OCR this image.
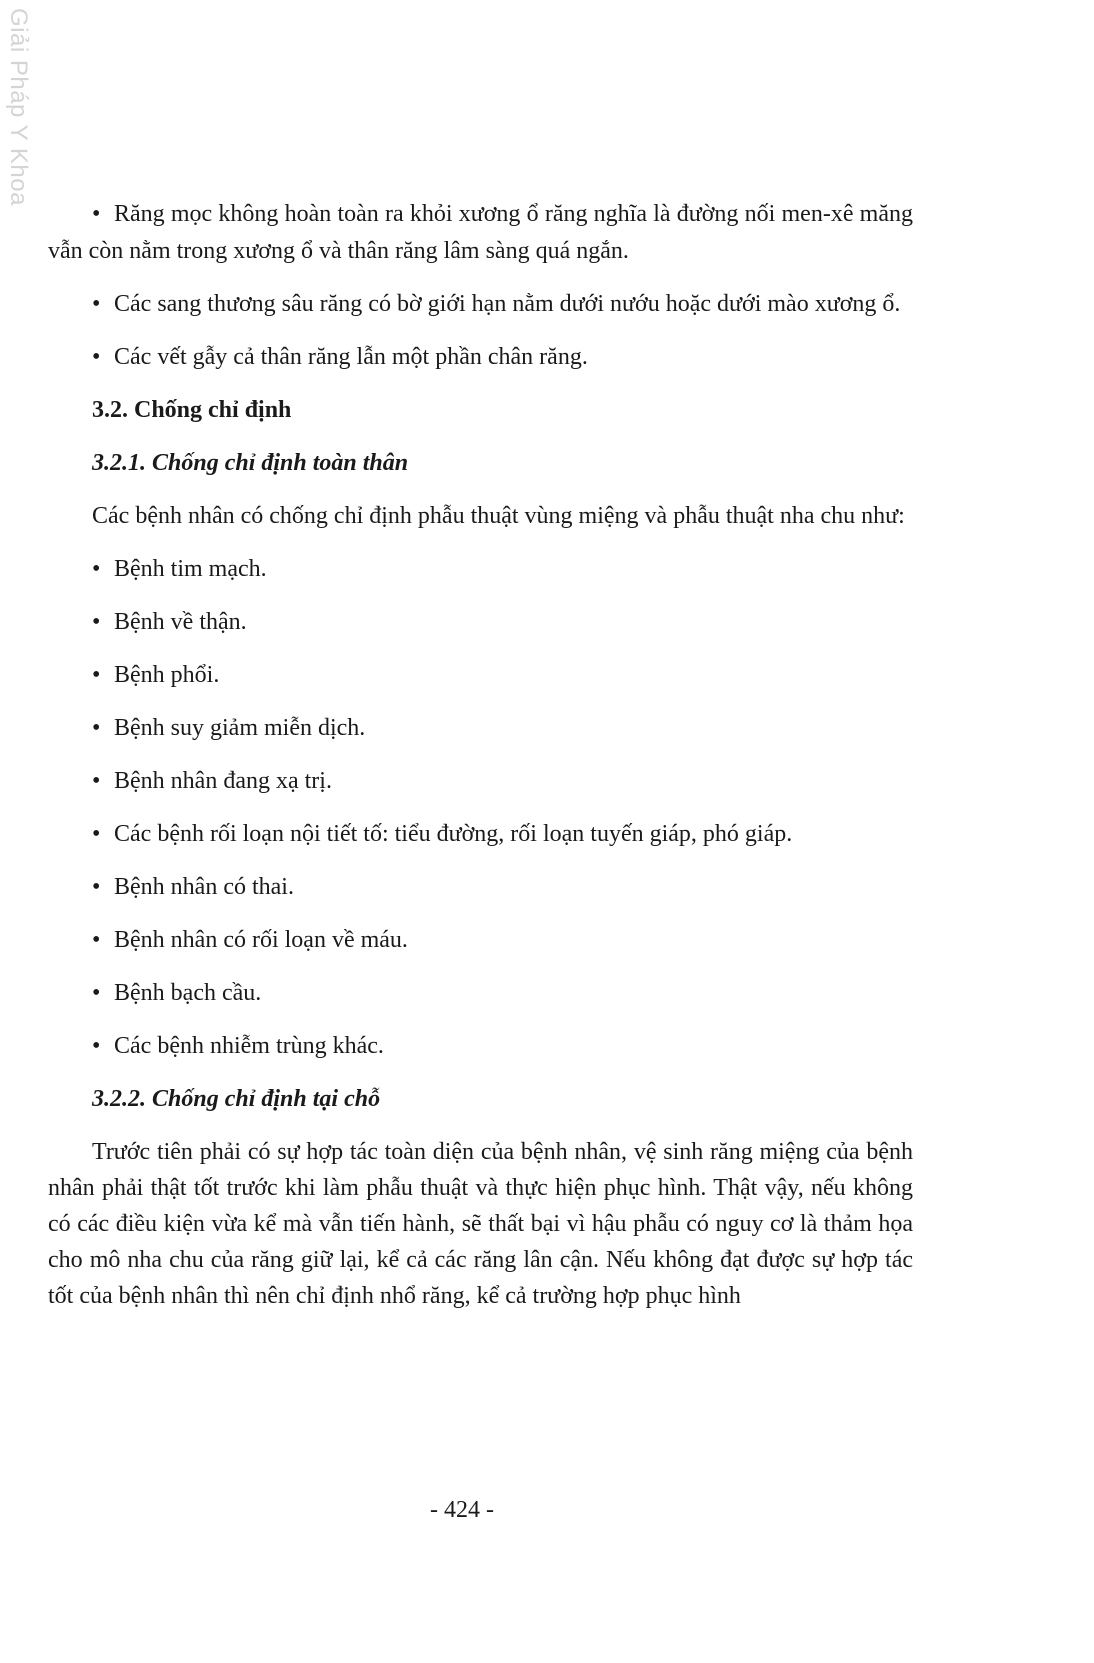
Giải Pháp Y Khoa

• Răng mọc không hoàn toàn ra khỏi xương ổ răng nghĩa là đường nối men-xê măng vẫn còn nằm trong xương ổ và thân răng lâm sàng quá ngắn.

• Các sang thương sâu răng có bờ giới hạn nằm dưới nướu hoặc dưới mào xương ổ.

• Các vết gẫy cả thân răng lẫn một phần chân răng.

3.2. Chống chỉ định

3.2.1. Chống chỉ định toàn thân

Các bệnh nhân có chống chỉ định phẫu thuật vùng miệng và phẫu thuật nha chu như:

• Bệnh tim mạch.

• Bệnh về thận.

• Bệnh phổi.

• Bệnh suy giảm miễn dịch.

• Bệnh nhân đang xạ trị.

• Các bệnh rối loạn nội tiết tố: tiểu đường, rối loạn tuyến giáp, phó giáp.

• Bệnh nhân có thai.

• Bệnh nhân có rối loạn về máu.

• Bệnh bạch cầu.

• Các bệnh nhiễm trùng khác.

3.2.2. Chống chỉ định tại chỗ

Trước tiên phải có sự hợp tác toàn diện của bệnh nhân, vệ sinh răng miệng của bệnh nhân phải thật tốt trước khi làm phẫu thuật và thực hiện phục hình. Thật vậy, nếu không có các điều kiện vừa kể mà vẫn tiến hành, sẽ thất bại vì hậu phẫu có nguy cơ là thảm họa cho mô nha chu của răng giữ lại, kể cả các răng lân cận. Nếu không đạt được sự hợp tác tốt của bệnh nhân thì nên chỉ định nhổ răng, kể cả trường hợp phục hình

- 424 -
